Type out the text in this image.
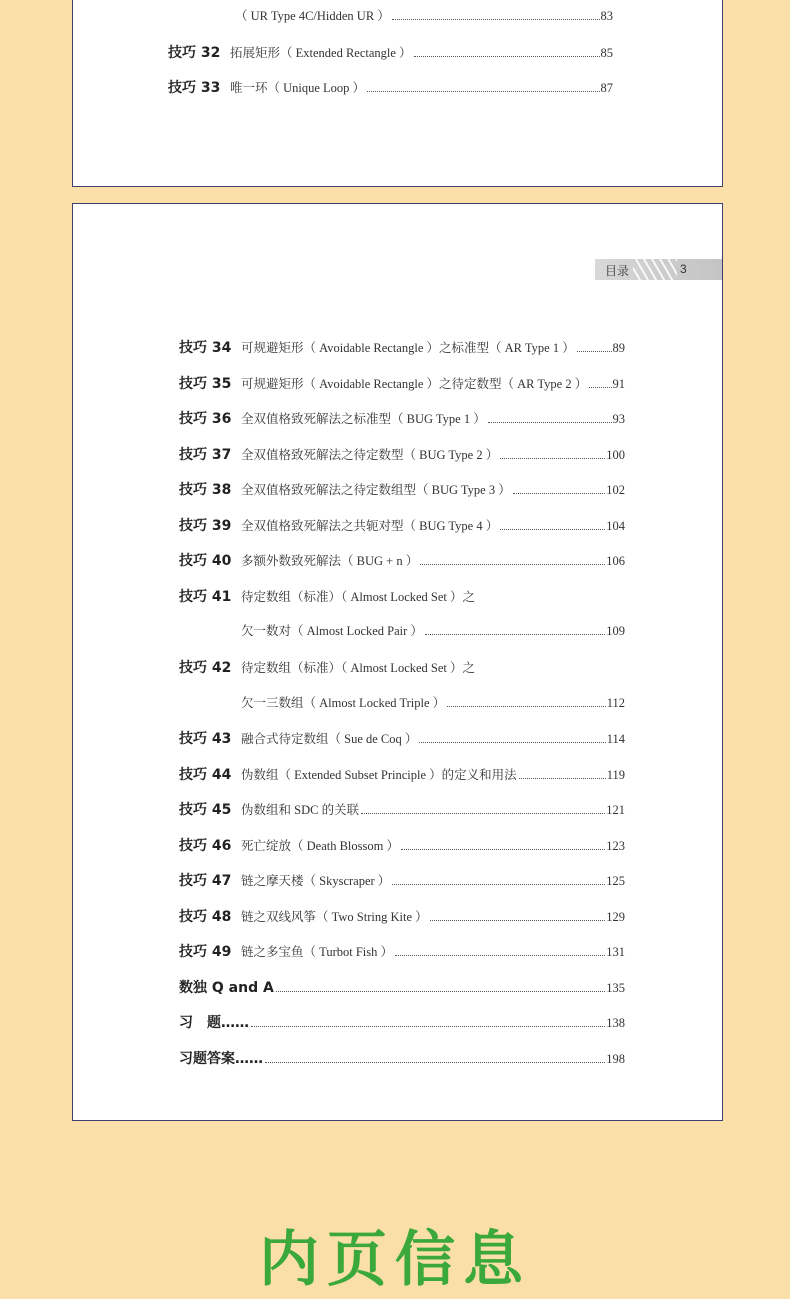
（ UR Type 4C/Hidden UR ）	83
技巧 32 拓展矩形（ Extended Rectangle ）	85
技巧 33 唯一环（ Unique Loop ）	87
目录	3
技巧 34 可规避矩形（ Avoidable Rectangle ）之标准型（ AR Type 1 ）	89
技巧 35 可规避矩形（ Avoidable Rectangle ）之待定数型（ AR Type 2 ） 91
技巧 36 全双值格致死解法之标准型（ BUG Type 1 ）	93
技巧 37 全双值格致死解法之待定数型（ BUG Type 2 ）	100
技巧 38 全双值格致死解法之待定数组型（ BUG Type 3 ）	102
技巧 39 全双值格致死解法之共轭对型（ BUG Type 4 ）	104
技巧 40 多额外数致死解法（ BUG + n ）	106
技巧 41 待定数组（标准）（ Almost Locked Set ）之
欠一数对（ Almost Locked Pair ）	109
技巧 42 待定数组（标准）（ Almost Locked Set ）之
欠一三数组（ Almost Locked Triple ）	112
技巧 43 融合式待定数组（ Sue de Coq ）	114
技巧 44 伪数组（ Extended Subset Principle ）的定义和用法	119
技巧 45 伪数组和 SDC 的关联	121
技巧 46 死亡绽放（ Death Blossom ）	123
技巧 47 链之摩天楼（ Skyscraper ）	125
技巧 48 链之双线风筝（ Two String Kite ）	129
技巧 49 链之多宝鱼（ Turbot Fish ）	131
数独 Q and A	135
习　题……	138
习题答案……	198
内页信息
